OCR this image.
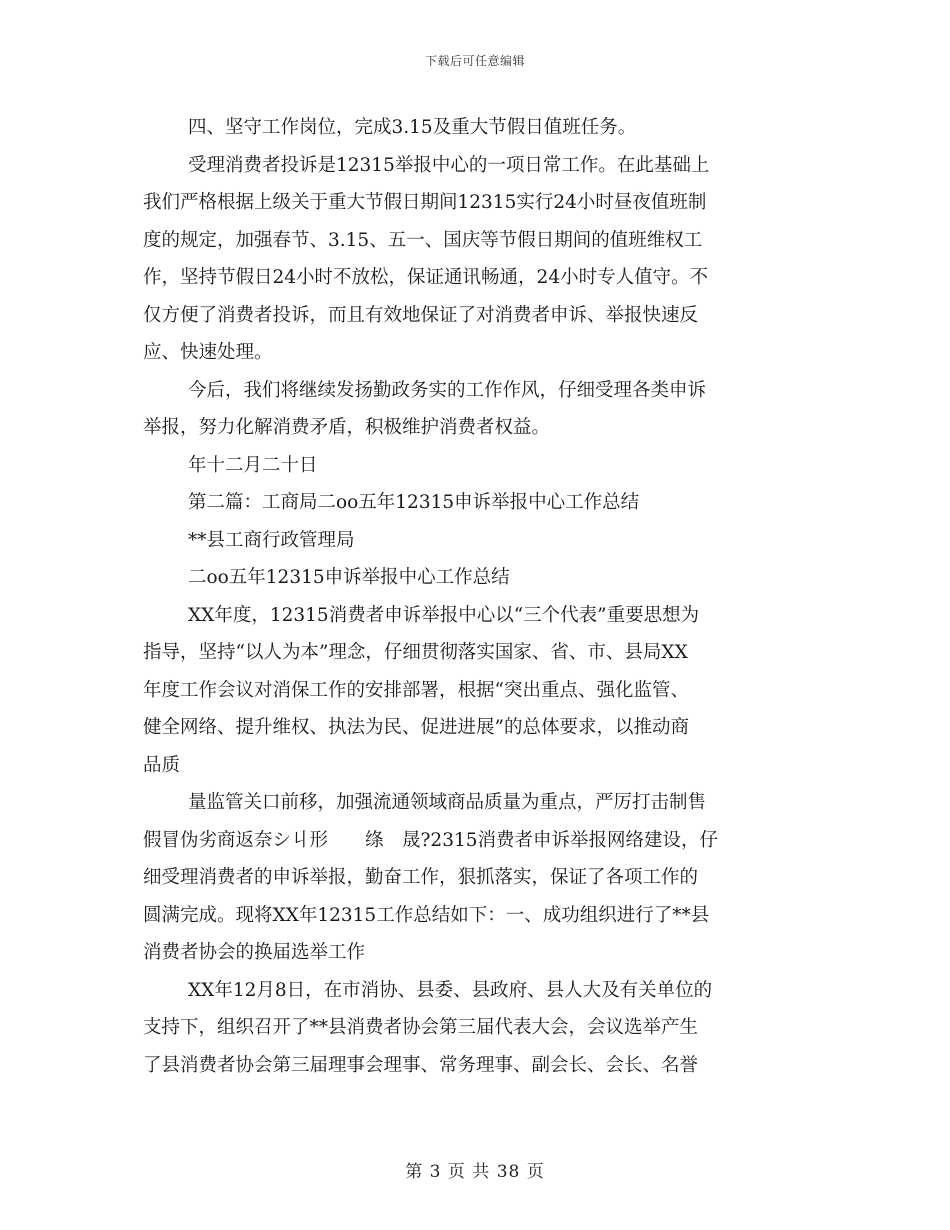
下载后可任意编辑
四、坚守工作岗位，完成3.15及重大节假日值班任务。
受理消费者投诉是12315举报中心的一项日常工作。在此基础上
我们严格根据上级关于重大节假日期间12315实行24小时昼夜值班制
度的规定，加强春节、3.15、五一、国庆等节假日期间的值班维权工
作，坚持节假日24小时不放松，保证通讯畅通，24小时专人值守。不
仅方便了消费者投诉，而且有效地保证了对消费者申诉、举报快速反
应、快速处理。
今后，我们将继续发扬勤政务实的工作作风，仔细受理各类申诉
举报，努力化解消费矛盾，积极维护消费者权益。
年十二月二十日
第二篇：工商局二oo五年12315申诉举报中心工作总结
**县工商行政管理局
二oo五年12315申诉举报中心工作总结
XX年度，12315消费者申诉举报中心以“三个代表”重要思想为
指导，坚持“以人为本”理念，仔细贯彻落实国家、省、市、县局XX
年度工作会议对消保工作的安排部署，根据“突出重点、强化监管、
健全网络、提升维权、执法为民、促进进展”的总体要求，以推动商
品质
量监管关口前移，加强流通领域商品质量为重点，严厉打击制售
假冒伪劣商返奈シ丩形　　绦　晟?2315消费者申诉举报网络建设，仔
细受理消费者的申诉举报，勤奋工作，狠抓落实，保证了各项工作的
圆满完成。现将XX年12315工作总结如下：一、成功组织进行了**县
消费者协会的换届选举工作
XX年12月8日，在市消协、县委、县政府、县人大及有关单位的
支持下，组织召开了**县消费者协会第三届代表大会，会议选举产生
了县消费者协会第三届理事会理事、常务理事、副会长、会长、名誉
第 3 页 共 38 页
